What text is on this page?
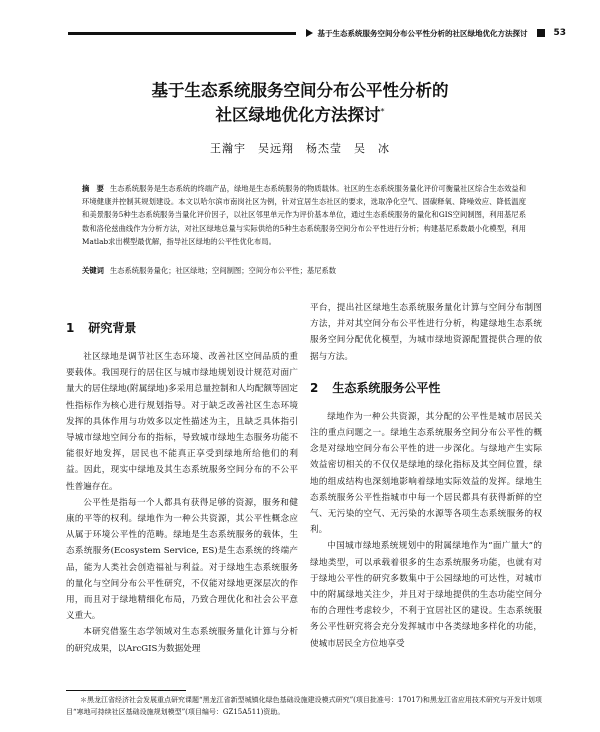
基于生态系统服务空间分布公平性分析的社区绿地优化方法探讨	53
基于生态系统服务空间分布公平性分析的
社区绿地优化方法探讨*
王瀚宇　吴远翔　杨杰莹　吴　冰
摘　要 生态系统服务是生态系统的终端产品，绿地是生态系统服务的物质载体。社区的生态系统服务量化评价可衡量社区综合生态效益和环境健康并控制其规划建设。本文以哈尔滨市南岗社区为例，针对宜居生态社区的要求，选取净化空气、固碳释氧、降噪效应、降低温度和美景服务5种生态系统服务当量化评价因子，以社区邻里单元作为评价基本单位，通过生态系统服务的量化和GIS空间制图，利用基尼系数和洛伦兹曲线作为分析方法，对社区绿地总量与实际供给的5种生态系统服务空间分布公平性进行分析；构建基尼系数最小化模型，利用Matlab求出模型最优解，指导社区绿地的公平性优化布局。
关键词 生态系统服务量化；社区绿地；空间制图；空间分布公平性；基尼系数
1 研究背景

社区绿地是调节社区生态环境、改善社区空间品质的重要载体。我国现行的居住区与城市绿地规划设计规范对面广量大的居住绿地(附属绿地)多采用总量控制和人均配额等固定性指标作为核心进行规划指导。对于缺乏改善社区生态环境发挥的具体作用与功效多以定性描述为主，且缺乏具体指引导城市绿地空间分布的指标，导致城市绿地生态服务功能不能很好地发挥，居民也不能真正享受到绿地所给他们的利益。因此，现实中绿地及其生态系统服务空间分布的不公平性普遍存在。

公平性是指每一个人都具有获得足够的资源，服务和健康的平等的权利。绿地作为一种公共资源，其公平性概念应从属于环境公平性的范畴。绿地是生态系统服务的载体，生态系统服务(Ecosystem Service, ES)是生态系统的终端产品，能为人类社会创造福祉与利益。对于绿地生态系统服务的量化与空间分布公平性研究，不仅能对绿地更深层次的作用，而且对于绿地精细化布局，乃致合理优化和社会公平意义重大。

本研究借鉴生态学领域对生态系统服务量化计算与分析的研究成果，以ArcGIS为数据处理

平台，提出社区绿地生态系统服务量化计算与空间分布制图方法，并对其空间分布公平性进行分析，构建绿地生态系统服务空间分配优化模型，为城市绿地资源配置提供合理的依据与方法。

2 生态系统服务公平性

绿地作为一种公共资源，其分配的公平性是城市居民关注的重点问题之一。绿地生态系统服务空间分布公平性的概念是对绿地空间分布公平性的进一步深化。与绿地产生实际效益密切相关的不仅仅是绿地的绿化指标及其空间位置，绿地的组成结构也深刻地影响着绿地实际效益的发挥。绿地生态系统服务公平性指城市中每一个居民都具有获得新鲜的空气、无污染的空气、无污染的水源等各项生态系统服务的权利。

中国城市绿地系统规划中的附属绿地作为“面广量大”的绿地类型，可以承载着很多的生态系统服务功能，也就有对于绿地公平性的研究多数集中于公园绿地的可达性，对城市中的附属绿地关注少，并且对于绿地提供的生态功能空间分布的合理性考虑较少，不利于宜居社区的建设。生态系统服务公平性研究将会充分发挥城市中各类绿地多样化的功能，使城市居民全方位地享受

＊黑龙江省经济社会发展重点研究课题“黑龙江省新型城镇化绿色基础设施建设模式研究”(项目批准号：17017)和黑龙江省应用技术研究与开发计划项目“寒地可持续社区基础设施规划模型”(项目编号：GZ15A511)资助。
